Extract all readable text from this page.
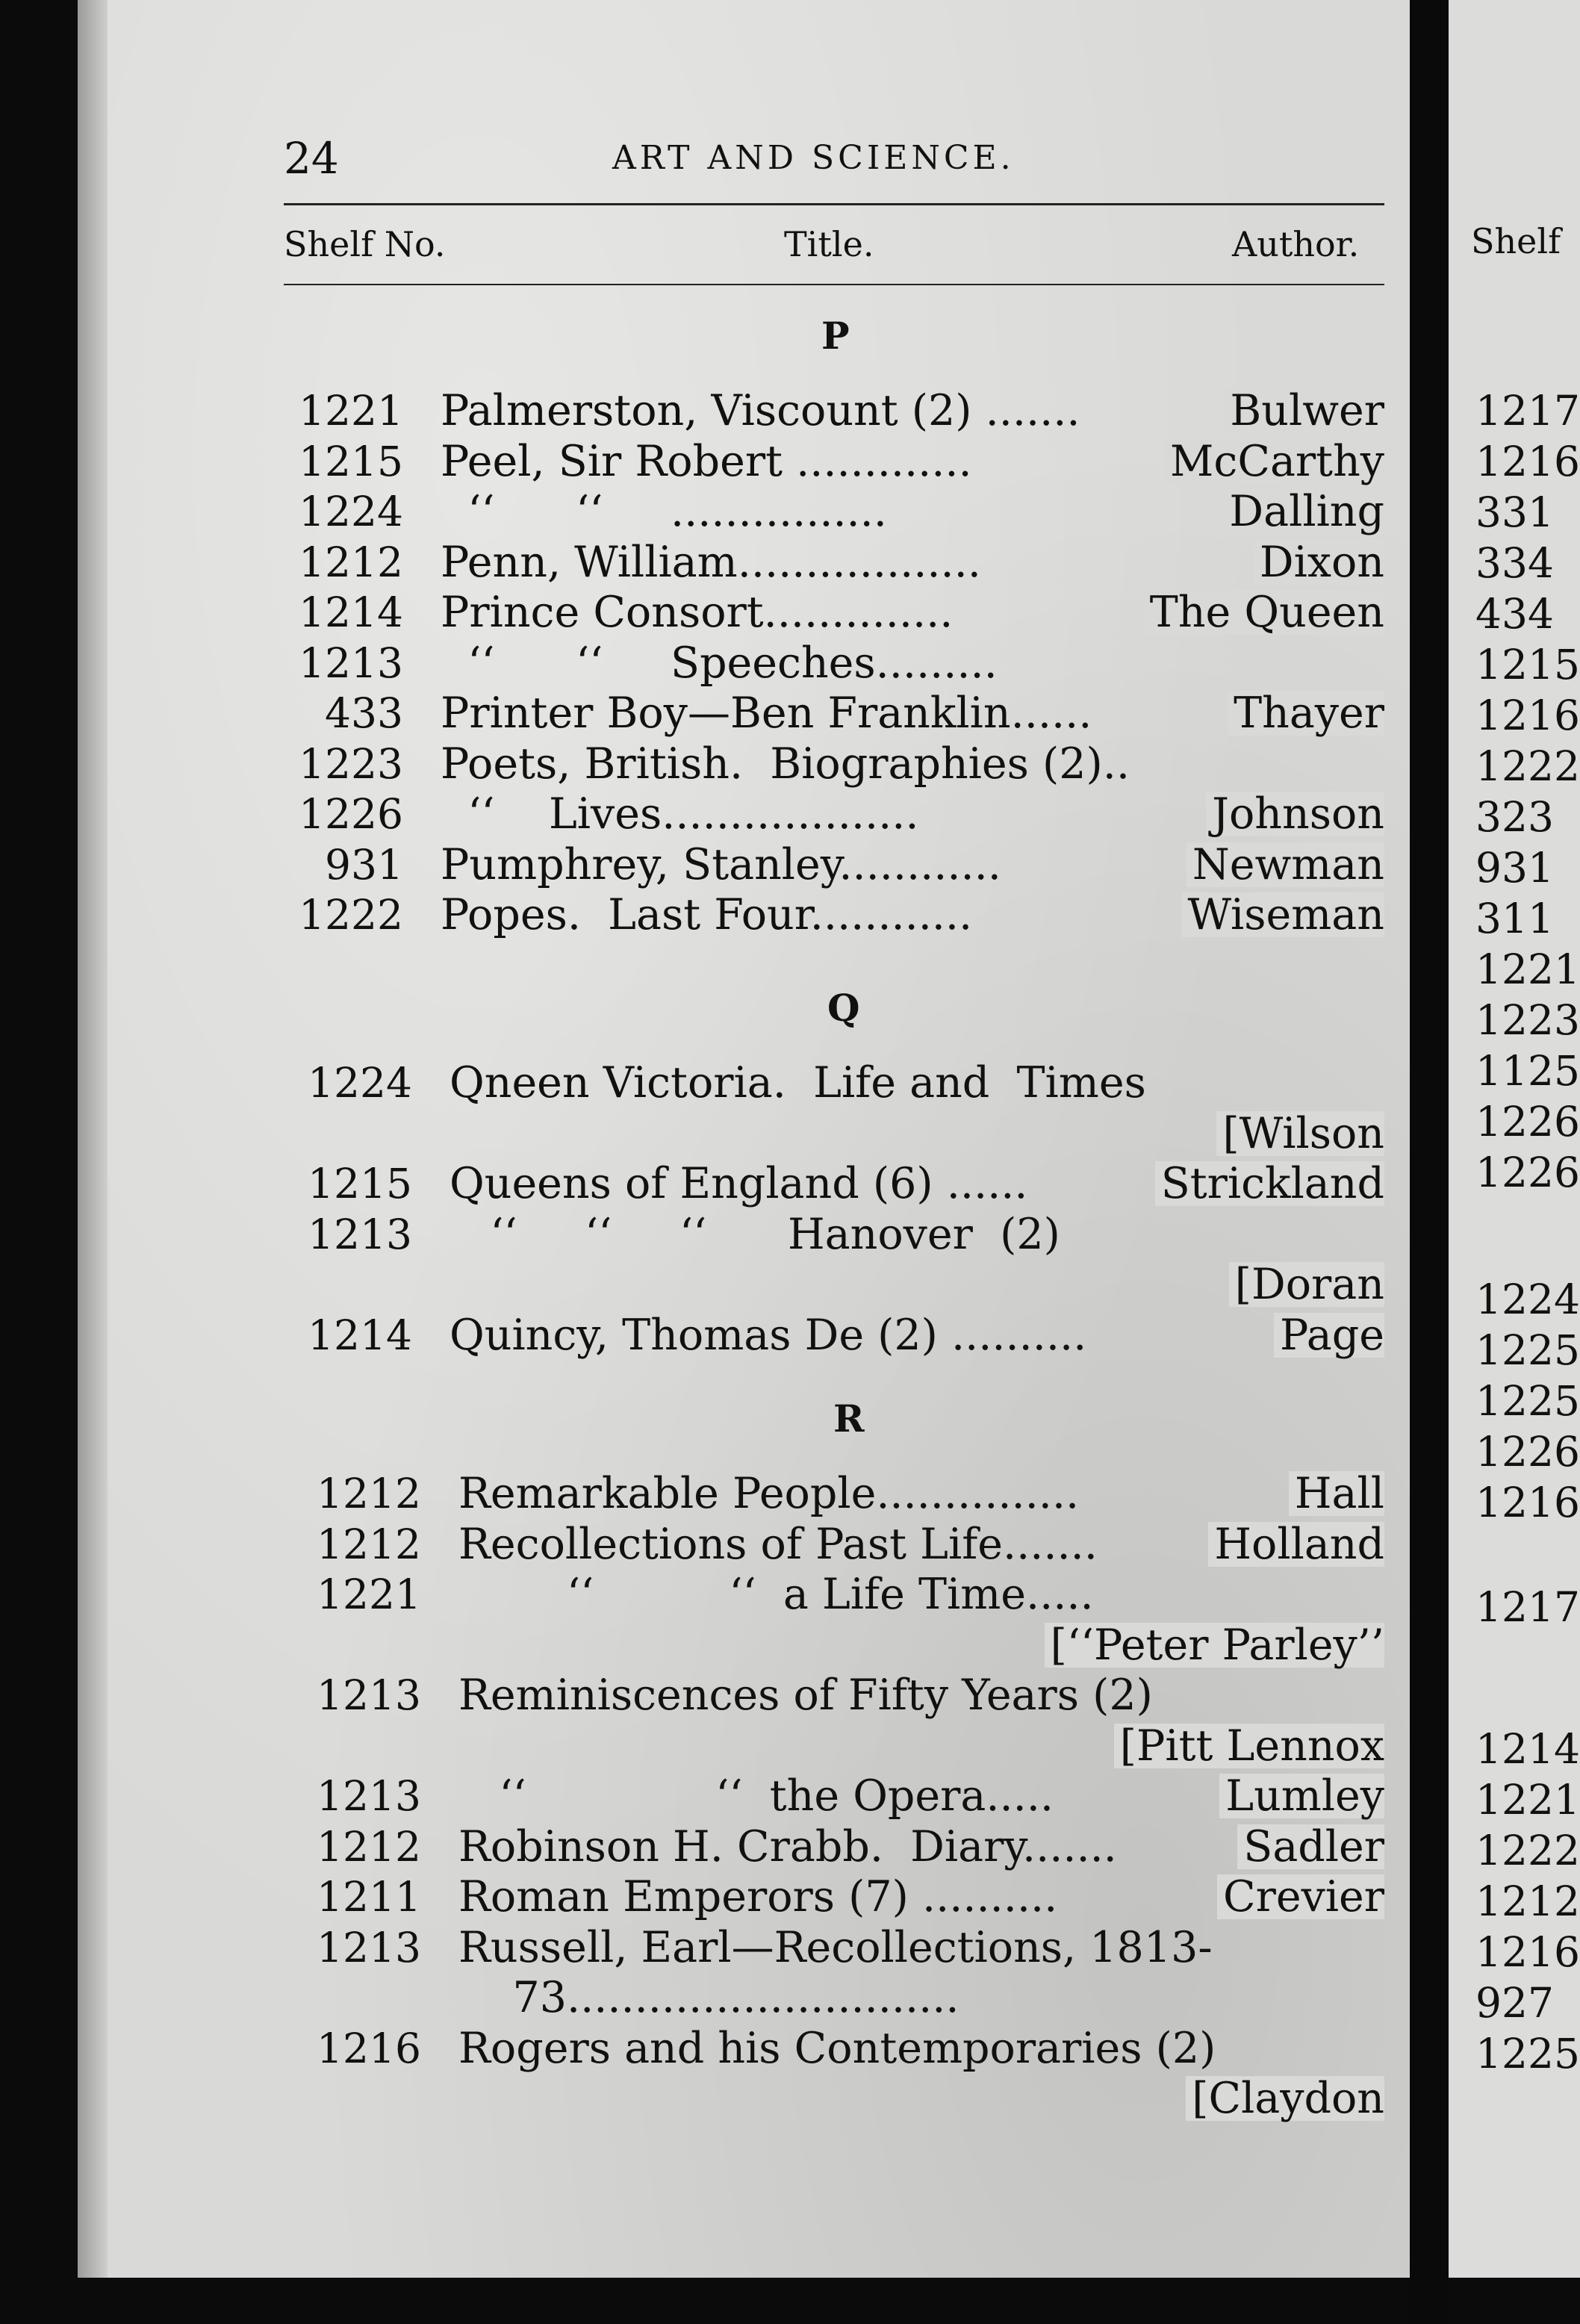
Shelf
1217
1216
331
334
434
1215
1216
1222
323
931
311
1221
1223
1125
1226
1226
1224
1225
1225
1226
1216
1217
1214
1221
1222
1212
1216
927
1225
24	ART AND SCIENCE.
Shelf No.	Title.	Author.
P
1221 Palmerston, Viscount (2) .......	Bulwer
1215 Peel, Sir Robert .............	McCarthy
1224 ‘‘      ‘‘     ................	Dalling
1212 Penn, William..................	Dixon
1214 Prince Consort..............	The Queen
1213 ‘‘      ‘‘     Speeches.........
433 Printer Boy—Ben Franklin......	Thayer
1223 Poets, British.  Biographies (2)..
1226 ‘‘    Lives...................	Johnson
931 Pumphrey, Stanley............	Newman
1222 Popes.  Last Four............	Wiseman
Q
1224 Qneen Victoria.  Life and  Times
[Wilson
1215 Queens of England (6) ......	Strickland
1213 ‘‘     ‘‘     ‘‘      Hanover  (2)
[Doran
1214 Quincy, Thomas De (2) ..........	Page
R
1212 Remarkable People...............	Hall
1212 Recollections of Past Life.......	Holland
1221 ‘‘          ‘‘  a Life Time.....
[‘‘Peter Parley’’
1213 Reminiscences of Fifty Years (2)
[Pitt Lennox
1213 ‘‘              ‘‘  the Opera.....	Lumley
1212 Robinson H. Crabb.  Diary.......	Sadler
1211 Roman Emperors (7) ..........	Crevier
1213 Russell, Earl—Recollections, 1813-
73.............................
1216 Rogers and his Contemporaries (2)
[Claydon
